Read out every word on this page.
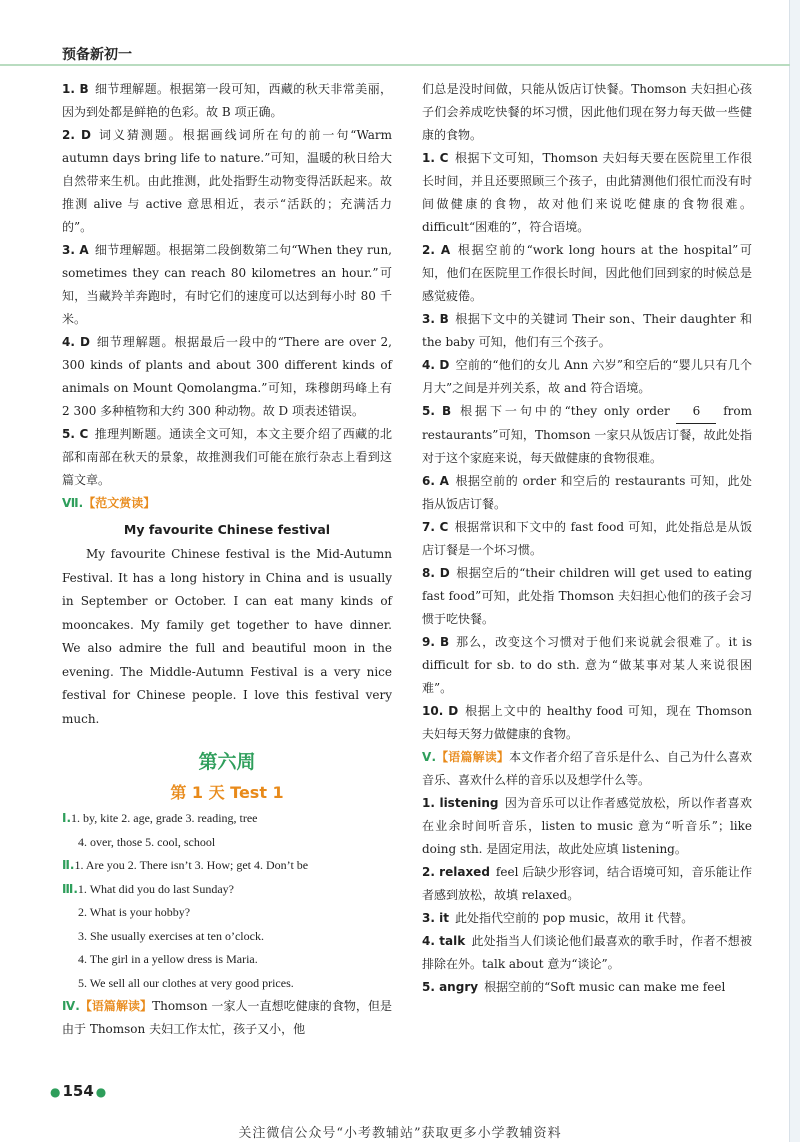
预备新初一

1. B 细节理解题。根据第一段可知，西藏的秋天非常美丽，因为到处都是鲜艳的色彩。故 B 项正确。

2. D 词义猜测题。根据画线词所在句的前一句“Warm autumn days bring life to nature.”可知，温暖的秋日给大自然带来生机。由此推测，此处指野生动物变得活跃起来。故推测 alive 与 active 意思相近，表示“活跃的；充满活力的”。

3. A 细节理解题。根据第二段倒数第二句“When they run, sometimes they can reach 80 kilometres an hour.”可知，当藏羚羊奔跑时，有时它们的速度可以达到每小时 80 千米。

4. D 细节理解题。根据最后一段中的“There are over 2, 300 kinds of plants and about 300 different kinds of animals on Mount Qomolangma.”可知，珠穆朗玛峰上有 2 300 多种植物和大约 300 种动物。故 D 项表述错误。

5. C 推理判断题。通读全文可知，本文主要介绍了西藏的北部和南部在秋天的景象，故推测我们可能在旅行杂志上看到这篇文章。

Ⅶ.【范文赏读】

My favourite Chinese festival

My favourite Chinese festival is the Mid-Autumn Festival. It has a long history in China and is usually in September or October. I can eat many kinds of mooncakes. My family get together to have dinner. We also admire the full and beautiful moon in the evening. The Middle-Autumn Festival is a very nice festival for Chinese people. I love this festival very much.

第六周
第 1 天 Test 1

Ⅰ.1. by, kite 2. age, grade 3. reading, tree

4. over, those 5. cool, school

Ⅱ.1. Are you 2. There isn’t 3. How; get 4. Don’t be

Ⅲ.1. What did you do last Sunday?

2. What is your hobby?

3. She usually exercises at ten o’clock.

4. The girl in a yellow dress is Maria.

5. We sell all our clothes at very good prices.

Ⅳ.【语篇解读】Thomson 一家人一直想吃健康的食物，但是由于 Thomson 夫妇工作太忙，孩子又小，他

们总是没时间做，只能从饭店订快餐。Thomson 夫妇担心孩子们会养成吃快餐的坏习惯，因此他们现在努力每天做一些健康的食物。

1. C 根据下文可知，Thomson 夫妇每天要在医院里工作很长时间，并且还要照顾三个孩子，由此猜测他们很忙而没有时间做健康的食物，故对他们来说吃健康的食物很难。difficult“困难的”，符合语境。

2. A 根据空前的“work long hours at the hospital”可知，他们在医院里工作很长时间，因此他们回到家的时候总是感觉疲倦。

3. B 根据下文中的关键词 Their son、Their daughter 和 the baby 可知，他们有三个孩子。

4. D 空前的“他们的女儿 Ann 六岁”和空后的“婴儿只有几个月大”之间是并列关系，故 and 符合语境。

5. B 根据下一句中的“they only order 6 from restaurants”可知，Thomson 一家只从饭店订餐，故此处指对于这个家庭来说，每天做健康的食物很难。

6. A 根据空前的 order 和空后的 restaurants 可知，此处指从饭店订餐。

7. C 根据常识和下文中的 fast food 可知，此处指总是从饭店订餐是一个坏习惯。

8. D 根据空后的“their children will get used to eating fast food”可知，此处指 Thomson 夫妇担心他们的孩子会习惯于吃快餐。

9. B 那么，改变这个习惯对于他们来说就会很难了。it is difficult for sb. to do sth. 意为“做某事对某人来说很困难”。

10. D 根据上文中的 healthy food 可知，现在 Thomson 夫妇每天努力做健康的食物。

Ⅴ.【语篇解读】本文作者介绍了音乐是什么、自己为什么喜欢音乐、喜欢什么样的音乐以及想学什么等。

1. listening 因为音乐可以让作者感觉放松，所以作者喜欢在业余时间听音乐，listen to music 意为“听音乐”；like doing sth. 是固定用法，故此处应填 listening。

2. relaxed feel 后缺少形容词，结合语境可知，音乐能让作者感到放松，故填 relaxed。

3. it 此处指代空前的 pop music，故用 it 代替。

4. talk 此处指当人们谈论他们最喜欢的歌手时，作者不想被排除在外。talk about 意为“谈论”。

5. angry 根据空前的“Soft music can make me feel

● 154 ●
关注微信公众号“小考教辅站”获取更多小学教辅资料
